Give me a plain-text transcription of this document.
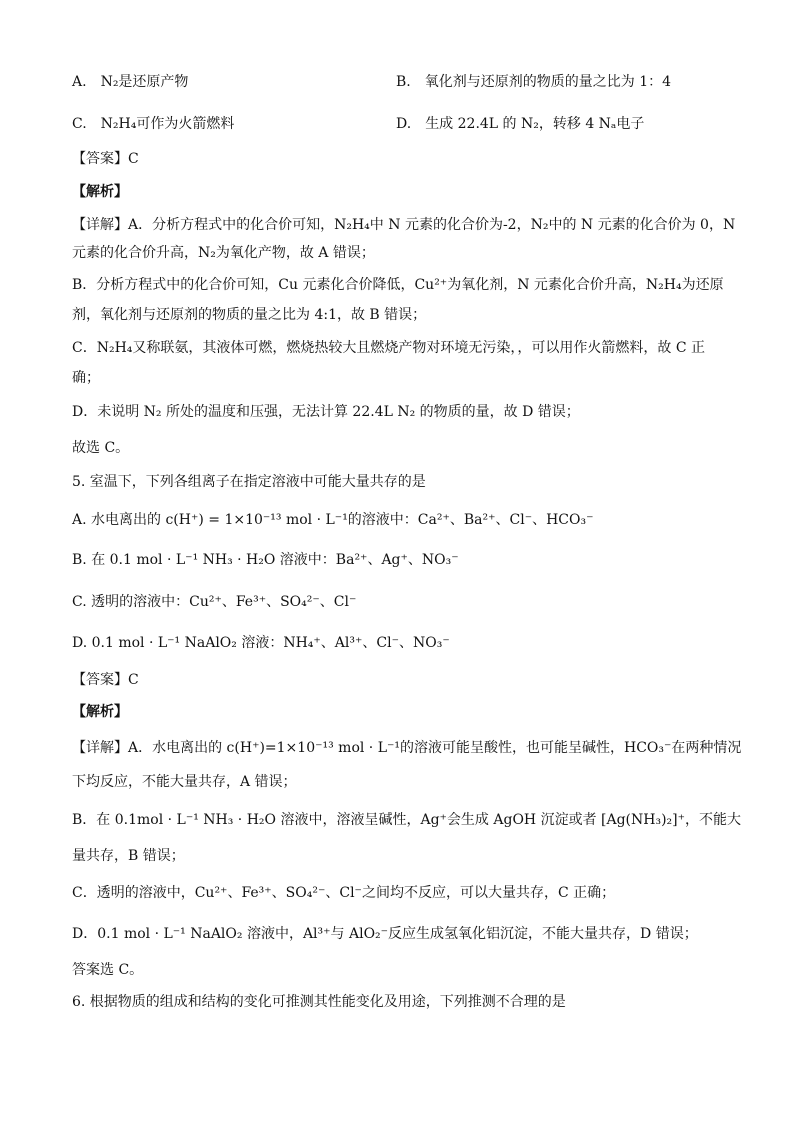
A. N₂是还原产物	B. 氧化剂与还原剂的物质的量之比为 1：4
C. N₂H₄可作为火箭燃料	D. 生成 22.4L 的 N₂，转移 4 Nₐ电子
【答案】C
【解析】
【详解】A．分析方程式中的化合价可知，N₂H₄中 N 元素的化合价为-2，N₂中的 N 元素的化合价为 0，N
元素的化合价升高，N₂为氧化产物，故 A 错误；
B．分析方程式中的化合价可知，Cu 元素化合价降低，Cu²⁺为氧化剂，N 元素化合价升高，N₂H₄为还原
剂，氧化剂与还原剂的物质的量之比为 4:1，故 B 错误；
C．N₂H₄又称联氨，其液体可燃，燃烧热较大且燃烧产物对环境无污染，，可以用作火箭燃料，故 C 正
确；
D．未说明 N₂ 所处的温度和压强，无法计算 22.4L N₂ 的物质的量，故 D 错误；
故选 C。
5. 室温下，下列各组离子在指定溶液中可能大量共存的是
A. 水电离出的 c(H⁺) = 1×10⁻¹³ mol · L⁻¹的溶液中：Ca²⁺、Ba²⁺、Cl⁻、HCO₃⁻
B. 在 0.1 mol · L⁻¹ NH₃ · H₂O 溶液中：Ba²⁺、Ag⁺、NO₃⁻
C. 透明的溶液中：Cu²⁺、Fe³⁺、SO₄²⁻、Cl⁻
D. 0.1 mol · L⁻¹ NaAlO₂ 溶液：NH₄⁺、Al³⁺、Cl⁻、NO₃⁻
【答案】C
【解析】
【详解】A．水电离出的 c(H⁺)=1×10⁻¹³ mol · L⁻¹的溶液可能呈酸性，也可能呈碱性，HCO₃⁻在两种情况
下均反应，不能大量共存，A 错误；
B．在 0.1mol · L⁻¹ NH₃ · H₂O 溶液中，溶液呈碱性，Ag⁺会生成 AgOH 沉淀或者 [Ag(NH₃)₂]⁺，不能大
量共存，B 错误；
C．透明的溶液中，Cu²⁺、Fe³⁺、SO₄²⁻、Cl⁻之间均不反应，可以大量共存，C 正确；
D．0.1 mol · L⁻¹ NaAlO₂ 溶液中，Al³⁺与 AlO₂⁻反应生成氢氧化铝沉淀，不能大量共存，D 错误；
答案选 C。
6. 根据物质的组成和结构的变化可推测其性能变化及用途，下列推测不合理的是
